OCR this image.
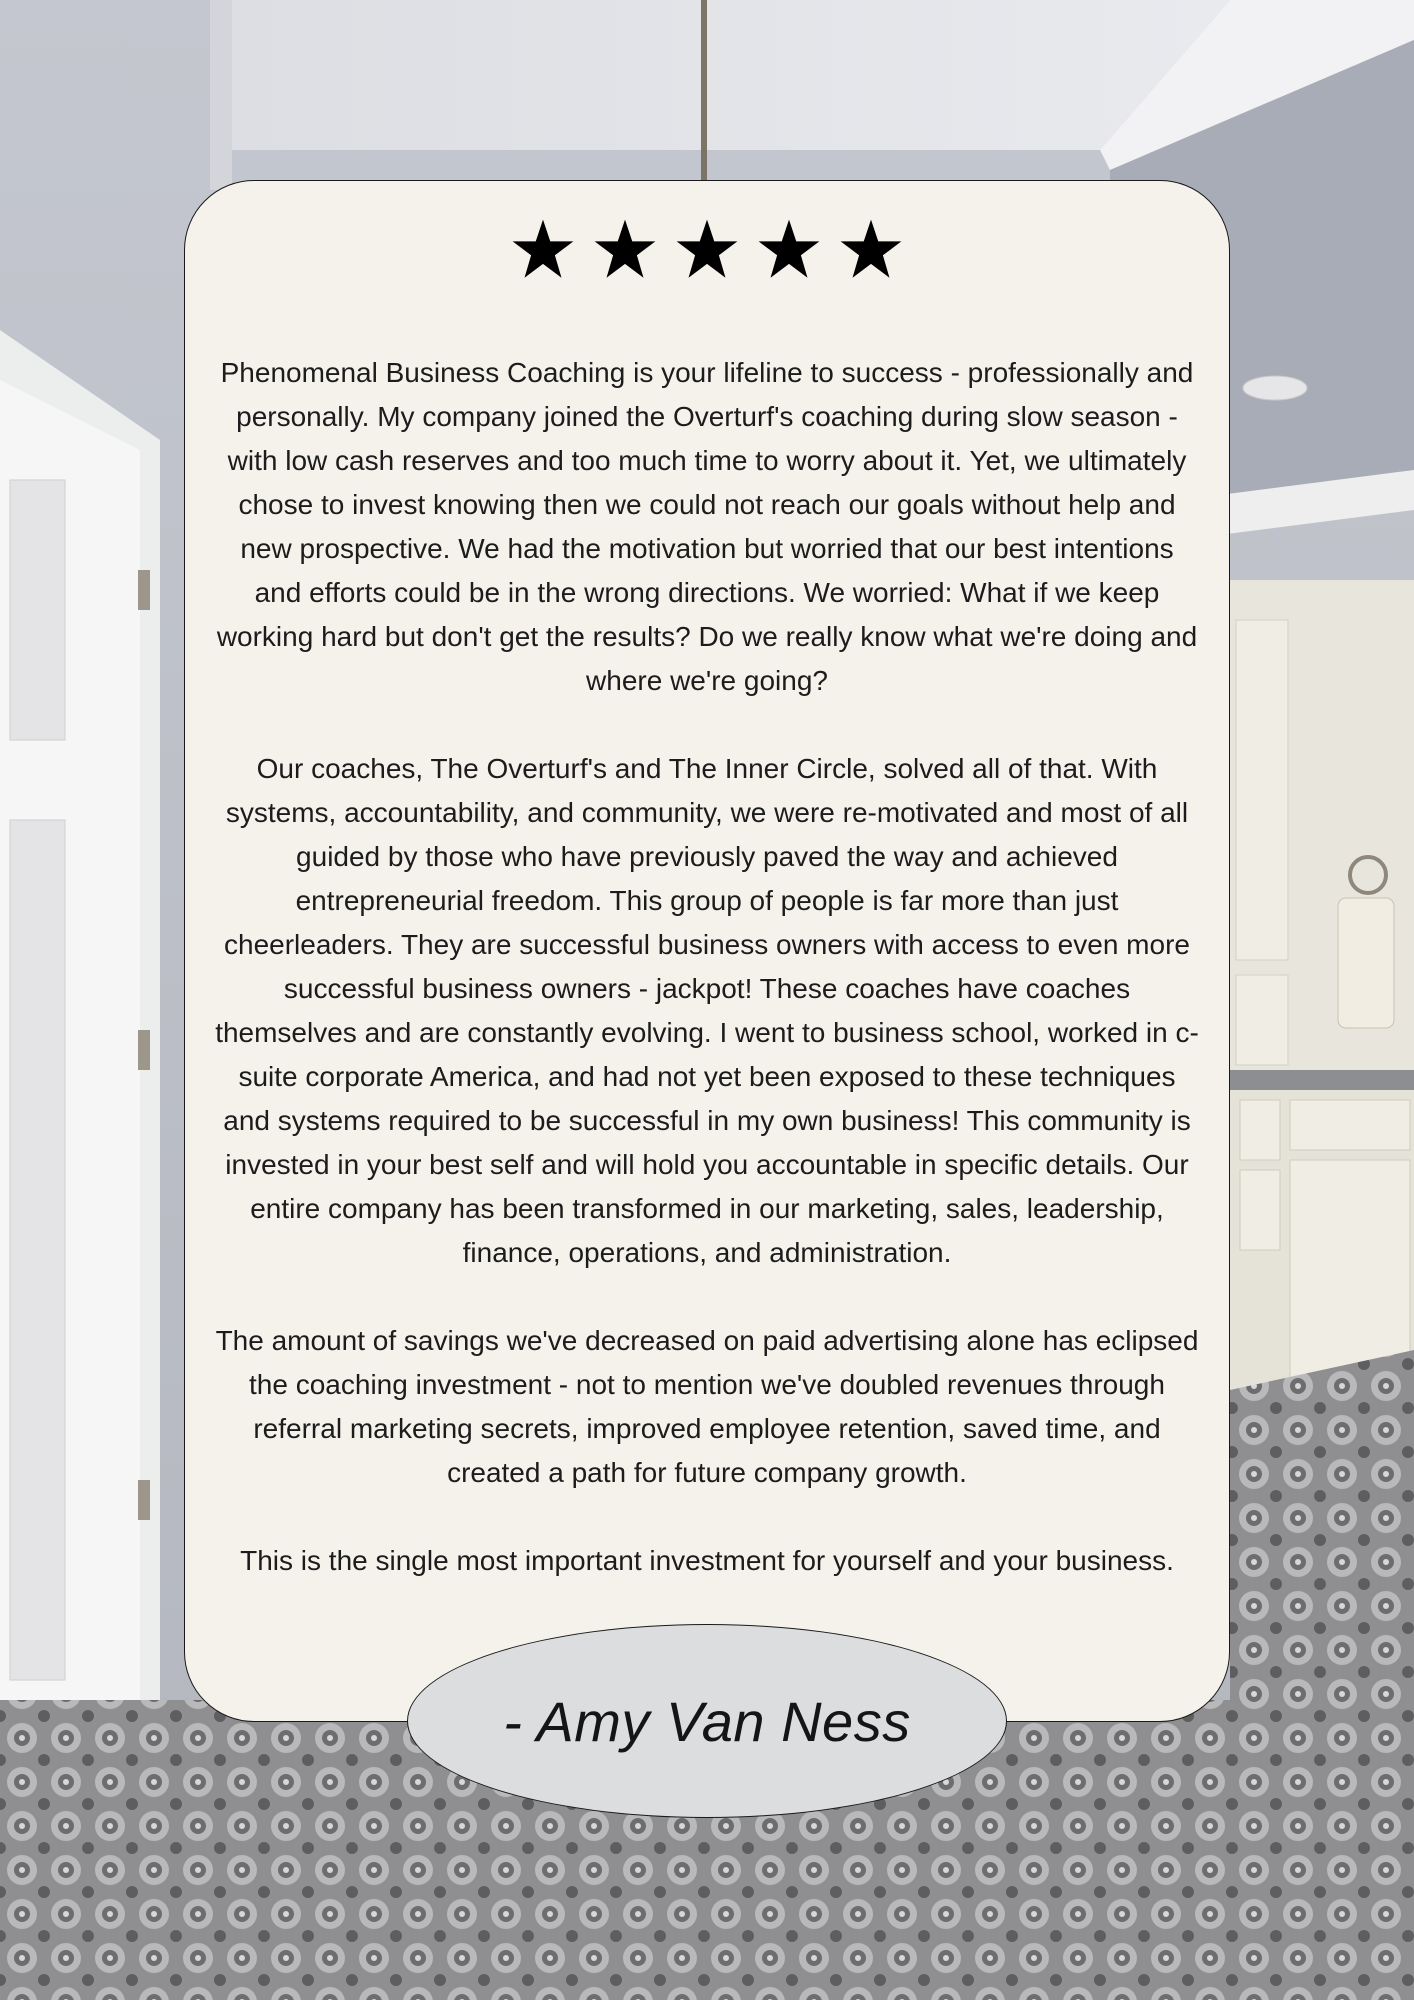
Phenomenal Business Coaching is your lifeline to success - professionally and personally. My company joined the Overturf's coaching during slow season - with low cash reserves and too much time to worry about it. Yet, we ultimately chose to invest knowing then we could not reach our goals without help and new prospective. We had the motivation but worried that our best intentions and efforts could be in the wrong directions. We worried: What if we keep working hard but don't get the results? Do we really know what we're doing and where we're going?

Our coaches, The Overturf's and The Inner Circle, solved all of that. With systems, accountability, and community, we were re-motivated and most of all guided by those who have previously paved the way and achieved entrepreneurial freedom. This group of people is far more than just cheerleaders. They are successful business owners with access to even more successful business owners - jackpot! These coaches have coaches themselves and are constantly evolving. I went to business school, worked in c-suite corporate America, and had not yet been exposed to these techniques and systems required to be successful in my own business! This community is invested in your best self and will hold you accountable in specific details. Our entire company has been transformed in our marketing, sales, leadership, finance, operations, and administration.

The amount of savings we've decreased on paid advertising alone has eclipsed the coaching investment - not to mention we've doubled revenues through referral marketing secrets, improved employee retention, saved time, and created a path for future company growth.

This is the single most important investment for yourself and your business.

- Amy Van Ness
